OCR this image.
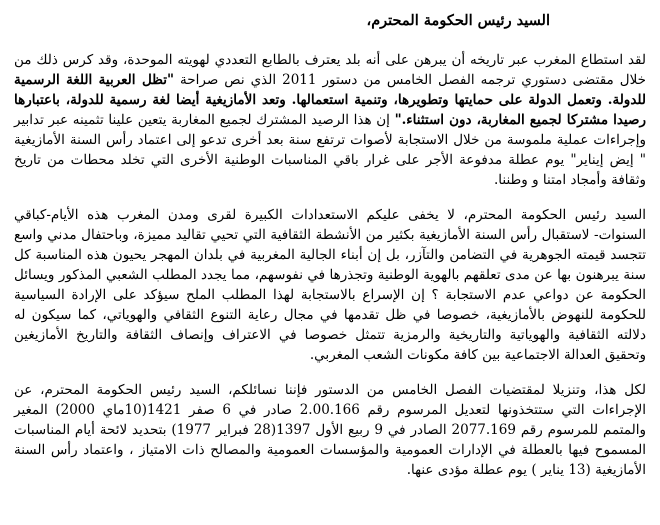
السيد رئيس الحكومة المحترم،

لقد استطاع المغرب عبر تاريخه أن يبرهن على أنه بلد يعترف بالطابع التعددي لهويته الموحدة، وقد كرس ذلك من خلال مقتضى دستوري ترجمه الفصل الخامس من دستور 2011 الذي نص صراحة "تظل العربية اللغة الرسمية للدولة. وتعمل الدولة على حمايتها وتطويرها، وتنمية استعمالها. وتعد الأمازيغية أيضا لغة رسمية للدولة، باعتبارها رصيدا مشتركا لجميع المغاربة، دون استثناء." إن هذا الرصيد المشترك لجميع المغاربة يتعين علينا تثمينه عبر تدابير وإجراءات عملية ملموسة من خلال الاستجابة لأصوات ترتفع سنة بعد أخرى تدعو إلى اعتماد رأس السنة الأمازيغية " إيض إيناير" يوم عطلة مدفوعة الأجر على غرار باقي المناسبات الوطنية الأخرى التي تخلد محطات من تاريخ وثقافة وأمجاد امتنا و وطننا.

السيد رئيس الحكومة المحترم، لا يخفى عليكم الاستعدادات الكبيرة لقرى ومدن المغرب هذه الأيام-كباقي السنوات- لاستقبال رأس السنة الأمازيغية بكثير من الأنشطة الثقافية التي تحيي تقاليد مميزة، وباحتفال مدني واسع تتجسد قيمته الجوهرية في التضامن والتآزر، بل إن أبناء الجالية المغربية في بلدان المهجر يحيون هذه المناسبة كل سنة يبرهنون بها عن مدى تعلقهم بالهوية الوطنية وتجذرها في نفوسهم، مما يجدد المطلب الشعبي المذكور ويسائل الحكومة عن دواعي عدم الاستجابة ؟ إن الإسراع بالاستجابة لهذا المطلب الملح سيؤكد على الإرادة السياسية للحكومة للنهوض بالأمازيغية، خصوصا في ظل تقدمها في مجال رعاية التنوع الثقافي والهوياتي، كما سيكون له دلالته الثقافية والهوياتية والتاريخية والرمزية تتمثل خصوصا في الاعتراف وإنصاف الثقافة والتاريخ الأمازيغين وتحقيق العدالة الاجتماعية بين كافة مكونات الشعب المغربي.

لكل هذا، وتنزيلا لمقتضيات الفصل الخامس من الدستور فإننا نسائلكم، السيد رئيس الحكومة المحترم، عن الإجراءات التي ستتخذونها لتعديل المرسوم رقم 2.00.166 صادر في 6 صفر 1421(10ماي 2000) المغير والمتمم للمرسوم رقم 2077.169 الصادر في 9 ربيع الأول 1397(28 فبراير 1977) بتحديد لائحة أيام المناسبات المسموح فيها بالعطلة في الإدارات العمومية والمؤسسات العمومية والمصالح ذات الامتياز ، واعتماد رأس السنة الأمازيغية (13 يناير ) يوم عطلة مؤدى عنها.
